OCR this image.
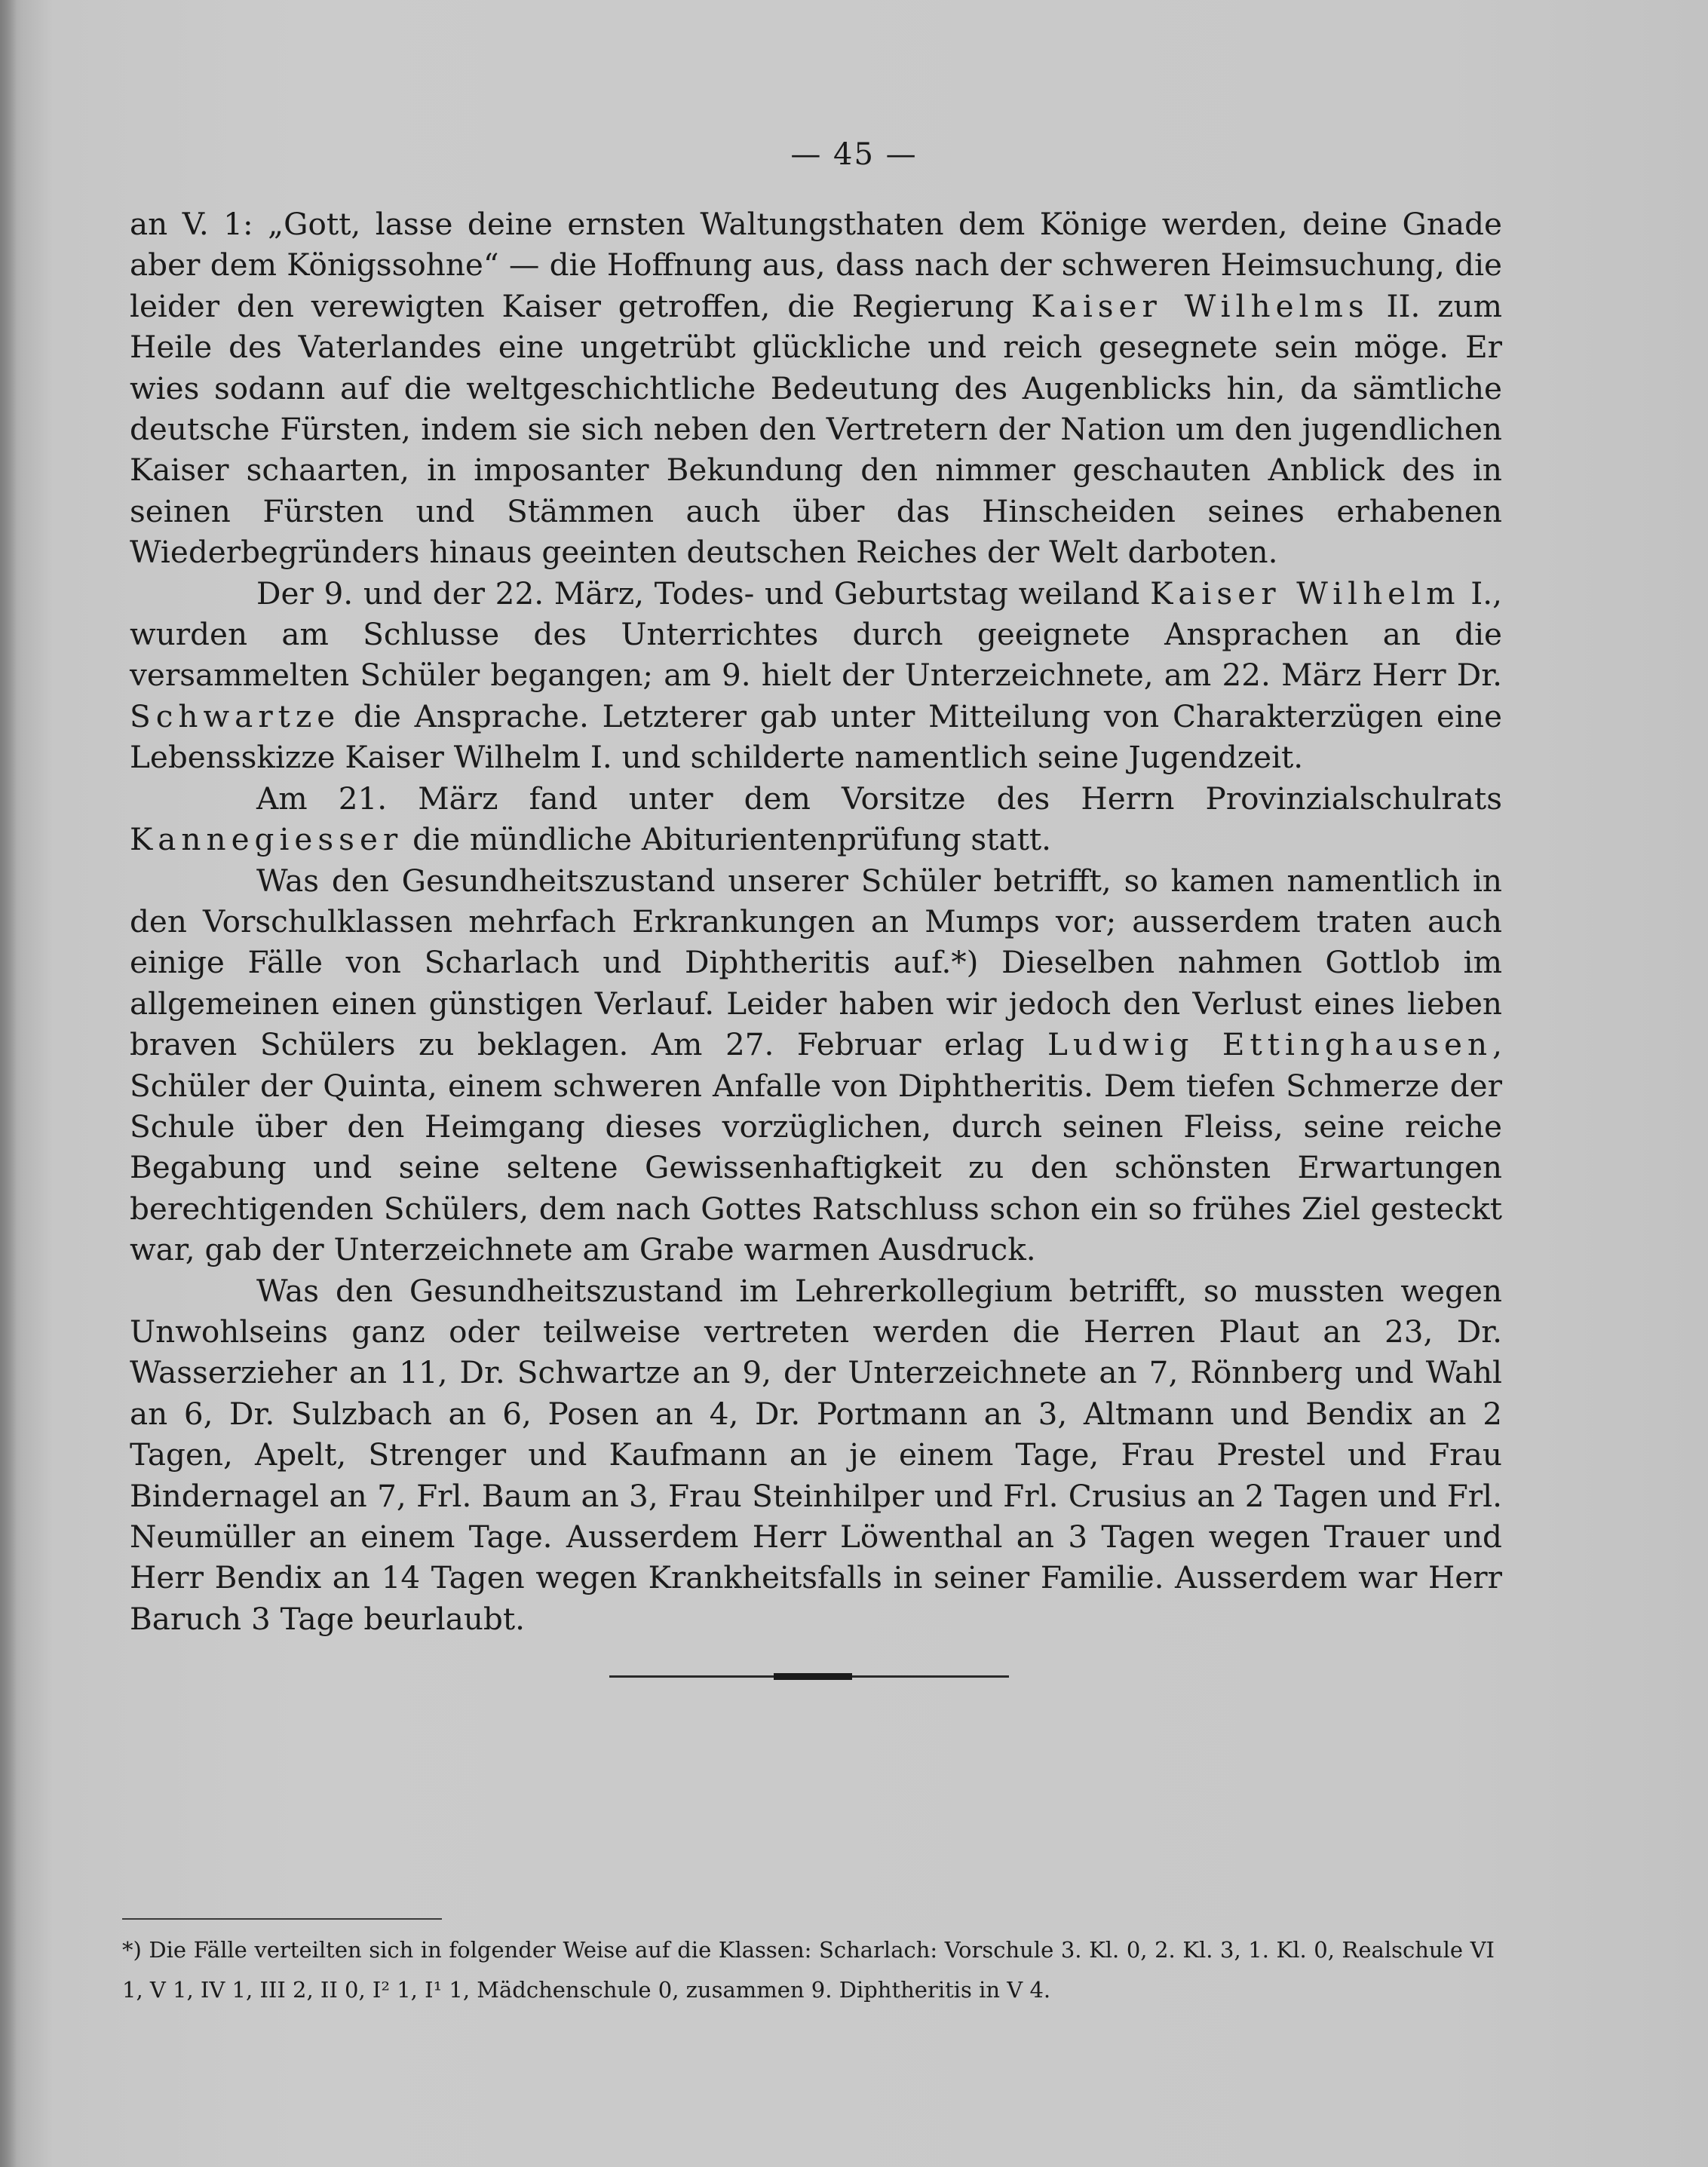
— 45 —

an V. 1: „Gott, lasse deine ernsten Waltungsthaten dem Könige werden, deine Gnade aber dem Königssohne“ — die Hoffnung aus, dass nach der schweren Heimsuchung, die leider den verewigten Kaiser getroffen, die Regierung Kaiser Wilhelms II. zum Heile des Vaterlandes eine ungetrübt glückliche und reich gesegnete sein möge. Er wies sodann auf die weltgeschichtliche Bedeutung des Augenblicks hin, da sämtliche deutsche Fürsten, indem sie sich neben den Vertretern der Nation um den jugendlichen Kaiser schaarten, in imposanter Bekundung den nimmer geschauten Anblick des in seinen Fürsten und Stämmen auch über das Hinscheiden seines erhabenen Wiederbegründers hinaus geeinten deutschen Reiches der Welt darboten.

Der 9. und der 22. März, Todes- und Geburtstag weiland Kaiser Wilhelm I., wurden am Schlusse des Unterrichtes durch geeignete Ansprachen an die versammelten Schüler begangen; am 9. hielt der Unterzeichnete, am 22. März Herr Dr. Schwartze die Ansprache. Letzterer gab unter Mitteilung von Charakterzügen eine Lebensskizze Kaiser Wilhelm I. und schilderte namentlich seine Jugendzeit.

Am 21. März fand unter dem Vorsitze des Herrn Provinzialschulrats Kannegiesser die mündliche Abiturientenprüfung statt.

Was den Gesundheitszustand unserer Schüler betrifft, so kamen namentlich in den Vorschulklassen mehrfach Erkrankungen an Mumps vor; ausserdem traten auch einige Fälle von Scharlach und Diphtheritis auf.*) Dieselben nahmen Gottlob im allgemeinen einen günstigen Verlauf. Leider haben wir jedoch den Verlust eines lieben braven Schülers zu beklagen. Am 27. Februar erlag Ludwig Ettinghausen, Schüler der Quinta, einem schweren Anfalle von Diphtheritis. Dem tiefen Schmerze der Schule über den Heimgang dieses vorzüglichen, durch seinen Fleiss, seine reiche Begabung und seine seltene Gewissenhaftigkeit zu den schönsten Erwartungen berechtigenden Schülers, dem nach Gottes Ratschluss schon ein so frühes Ziel gesteckt war, gab der Unterzeichnete am Grabe warmen Ausdruck.

Was den Gesundheitszustand im Lehrerkollegium betrifft, so mussten wegen Unwohlseins ganz oder teilweise vertreten werden die Herren Plaut an 23, Dr. Wasserzieher an 11, Dr. Schwartze an 9, der Unterzeichnete an 7, Rönnberg und Wahl an 6, Dr. Sulzbach an 6, Posen an 4, Dr. Portmann an 3, Altmann und Bendix an 2 Tagen, Apelt, Strenger und Kaufmann an je einem Tage, Frau Prestel und Frau Bindernagel an 7, Frl. Baum an 3, Frau Steinhilper und Frl. Crusius an 2 Tagen und Frl. Neumüller an einem Tage. Ausserdem Herr Löwenthal an 3 Tagen wegen Trauer und Herr Bendix an 14 Tagen wegen Krankheitsfalls in seiner Familie. Ausserdem war Herr Baruch 3 Tage beurlaubt.

*) Die Fälle verteilten sich in folgender Weise auf die Klassen: Scharlach: Vorschule 3. Kl. 0, 2. Kl. 3, 1. Kl. 0, Realschule VI 1, V 1, IV 1, III 2, II 0, I² 1, I¹ 1, Mädchenschule 0, zusammen 9. Diphtheritis in V 4.
